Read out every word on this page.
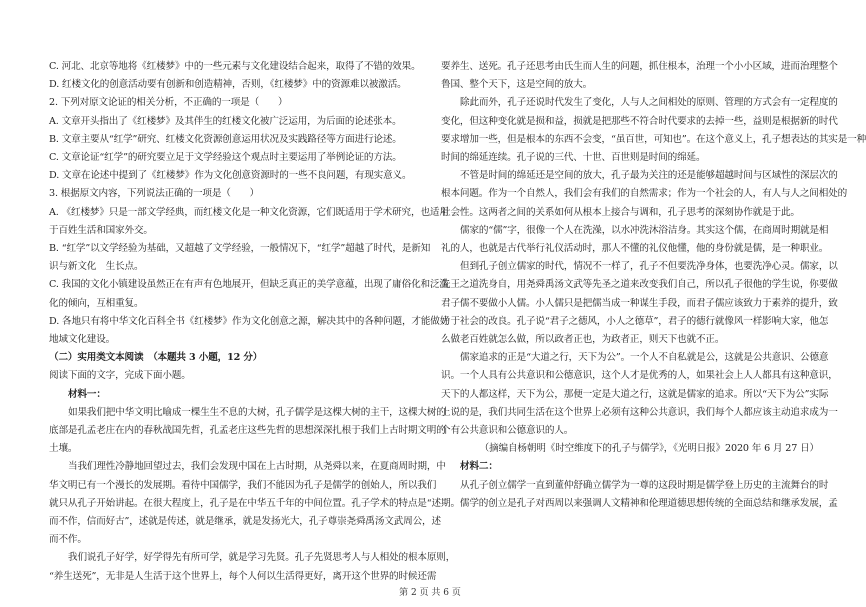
C. 河北、北京等地将《红楼梦》中的一些元素与文化建设结合起来，取得了不错的效果。
D. 红楼文化的创意活动要有创新和创造精神，否则，《红楼梦》中的资源难以被激活。
2. 下列对原文论证的相关分析，不正确的一项是（　　）
A. 文章开头指出了《红楼梦》及其伴生的红楼文化被广泛运用，为后面的论述张本。
B. 文章主要从“红学”研究、红楼文化资源创意运用状况及实践路径等方面进行论述。
C. 文章论证“红学”的研究要立足于文学经验这个观点时主要运用了举例论证的方法。
D. 文章在论述中提到了《红楼梦》作为文化创意资源时的一些不良问题，有现实意义。
3. 根据原文内容，下列说法正确的一项是（　　）
A. 《红楼梦》只是一部文学经典，而红楼文化是一种文化资源，它们既适用于学术研究，也适用
于百姓生活和国家外交。
B. “红学”以文学经验为基础，又超越了文学经验，一般情况下，“红学”超越了时代，是新知
识与新文化　生长点。
C. 我国的文化小镇建设虽然正在有声有色地展开，但缺乏真正的美学意蕴，出现了庸俗化和泛滥
化的倾向，互相重复。
D. 各地只有将中华文化百科全书《红楼梦》作为文化创意之源，解决其中的各种问题，才能做好
地域文化建设。
（二）实用类文本阅读　（本题共 3 小题，12 分）
阅读下面的文字，完成下面小题。
材料一：
如果我们把中华文明比喻成一棵生生不息的大树，孔子儒学是这棵大树的主干，这棵大树的
底部是孔孟老庄在内的春秋战国先哲，孔孟老庄这些先哲的思想深深扎根于我们上古时期文明的
土壤。
当我们理性冷静地回望过去，我们会发现中国在上古时期，从尧舜以来，在夏商周时期，中
华文明已有一个漫长的发展期。看待中国儒学，我们不能因为孔子是儒学的创始人，所以我们
就只从孔子开始讲起。在很大程度上，孔子是在中华五千年的中间位置。孔子学术的特点是“述
而不作，信而好古”，述就是传述，就是继承，就是发扬光大，孔子尊崇尧舜禹汤文武周公，述
而不作。
我们说孔子好学，好学得先有所可学，就是学习先贤。孔子先贤思考人与人相处的根本原则，
“养生送死”，无非是人生活于这个世界上，每个人何以生活得更好，离开这个世界的时候还需
要养生、送死。孔子还思考由氏生而人生的问题，抓住根本，治理一个小小区域，进而治理整个
鲁国、整个天下，这是空间的放大。
除此而外，孔子还说时代发生了变化，人与人之间相处的原则、管理的方式会有一定程度的
变化，但这种变化就是损和益，损就是把那些不符合时代要求的去掉一些，益则是根据新的时代
要求增加一些，但是根本的东西不会变，“虽百世，可知也”。在这个意义上，孔子想表达的其实是一种
时间的绵延连续。孔子说的三代、十世、百世则是时间的绵延。
不管是时间的绵延还是空间的放大，孔子最为关注的还是能够超越时间与区域性的深层次的
根本问题。作为一个自然人，我们会有我们的自然需求；作为一个社会的人，有人与人之间相处的
社会性。这两者之间的关系如何从根本上接合与调和，孔子思考的深刻协作就是于此。
儒家的“儒”字，很像一个人在洗澡，以水冲洗沐浴洁身。其实这个儒，在商周时期就是相
礼的人，也就是古代举行礼仪活动时，那人不懂的礼仪他懂，他的身份就是儒，是一种职业。
但到孔子创立儒家的时代，情况不一样了，孔子不但要洗净身体，也要洗净心灵。儒家，以
先王之道洗身自，用尧舜禹汤文武等先圣之道来改变我们自己，所以孔子很他的学生说，你要做
君子儒不要做小人儒。小人儒只是把儒当成一种谋生手段，而君子儒应该致力于素养的提升，致
力于社会的改良。孔子说“君子之德风，小人之德草”，君子的德行就像风一样影响大家，他怎
么做老百姓就怎么做，所以政者正也，为政者正，则天下也就不正。
儒家追求的正是“大道之行，天下为公”。一个人不自私就是公，这就是公共意识、公德意
识。一个人具有公共意识和公德意识，这个人才是优秀的人，如果社会上人人都具有这种意识，
天下的人都这样，天下为公，那便一定是大道之行，这就是儒家的追求。所以“天下为公”实际
上说的是，我们共同生活在这个世界上必须有这种公共意识，我们每个人都应该主动追求成为一
个有公共意识和公德意识的人。
（摘编自杨朝明《时空维度下的孔子与儒学》，《光明日报》2020 年 6 月 27 日）
材料二：
从孔子创立儒学一直到董仲舒确立儒学为一尊的这段时期是儒学登上历史的主流舞台的时
期。儒学的创立是孔子对西周以来强调人文精神和伦理道德思想传统的全面总结和继承发展，孟
第 2 页 共 6 页
